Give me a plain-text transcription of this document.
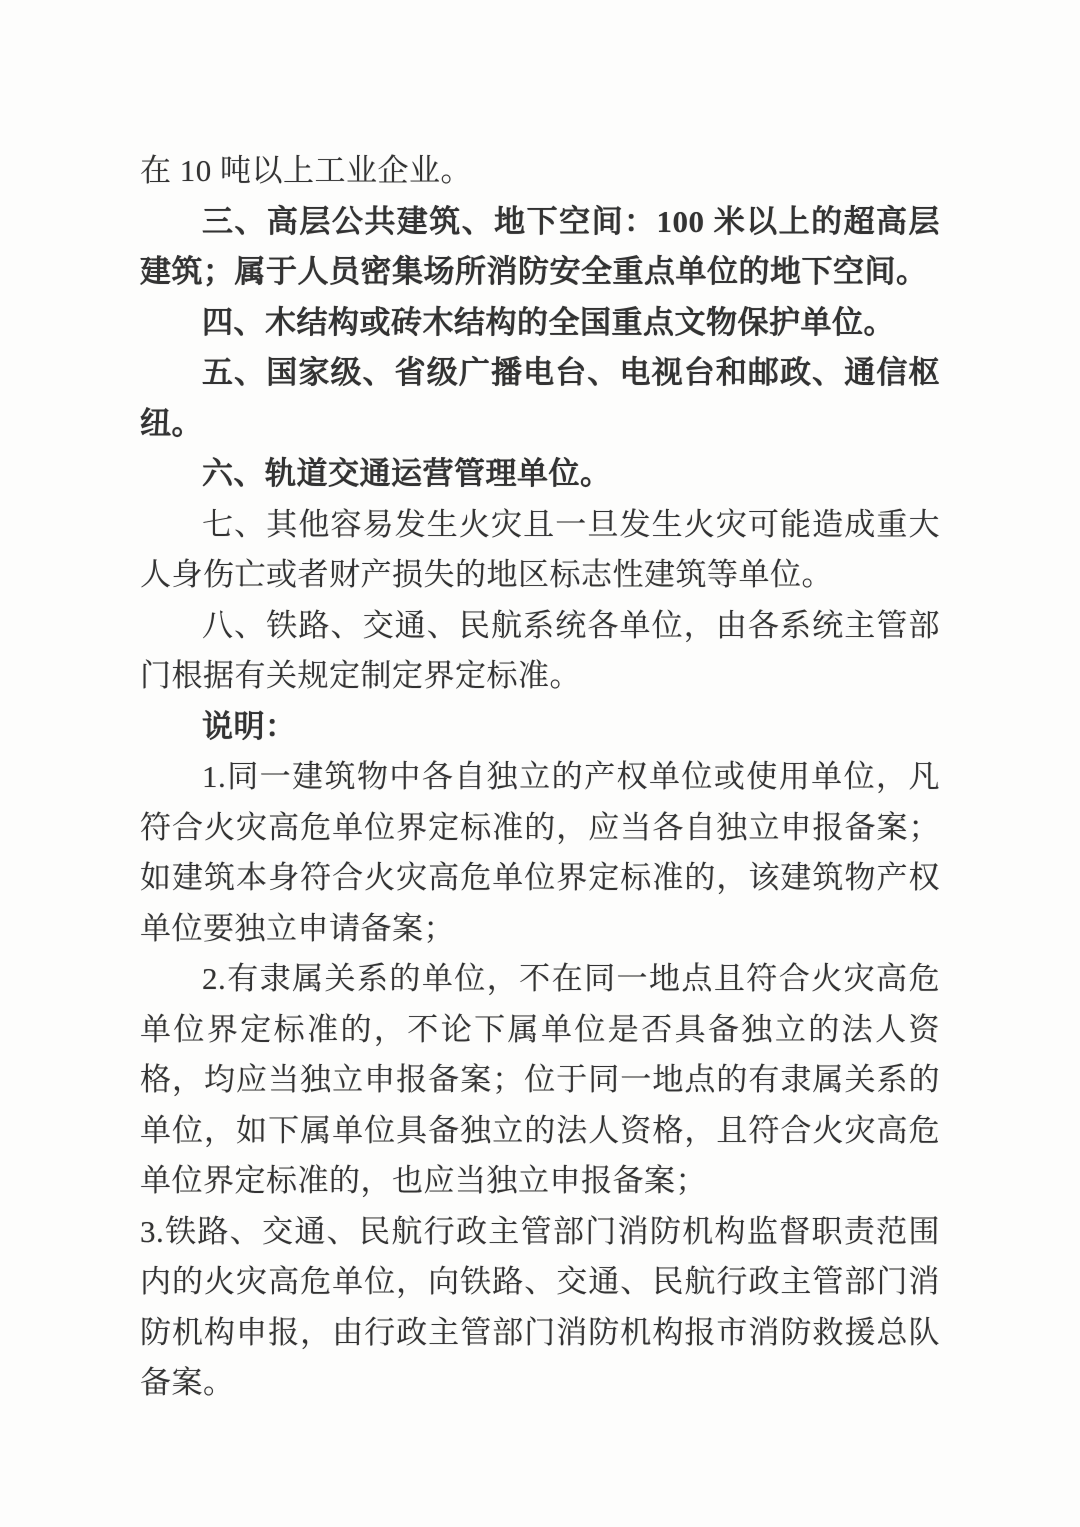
在 10 吨以上工业企业。

三、高层公共建筑、地下空间：100 米以上的超高层建筑；属于人员密集场所消防安全重点单位的地下空间。

四、木结构或砖木结构的全国重点文物保护单位。

五、国家级、省级广播电台、电视台和邮政、通信枢纽。

六、轨道交通运营管理单位。

七、其他容易发生火灾且一旦发生火灾可能造成重大人身伤亡或者财产损失的地区标志性建筑等单位。

八、铁路、交通、民航系统各单位，由各系统主管部门根据有关规定制定界定标准。

说明：

1.同一建筑物中各自独立的产权单位或使用单位，凡符合火灾高危单位界定标准的，应当各自独立申报备案；如建筑本身符合火灾高危单位界定标准的，该建筑物产权单位要独立申请备案；

2.有隶属关系的单位，不在同一地点且符合火灾高危单位界定标准的，不论下属单位是否具备独立的法人资格，均应当独立申报备案；位于同一地点的有隶属关系的单位，如下属单位具备独立的法人资格，且符合火灾高危单位界定标准的，也应当独立申报备案；

3.铁路、交通、民航行政主管部门消防机构监督职责范围内的火灾高危单位，向铁路、交通、民航行政主管部门消防机构申报，由行政主管部门消防机构报市消防救援总队备案。
